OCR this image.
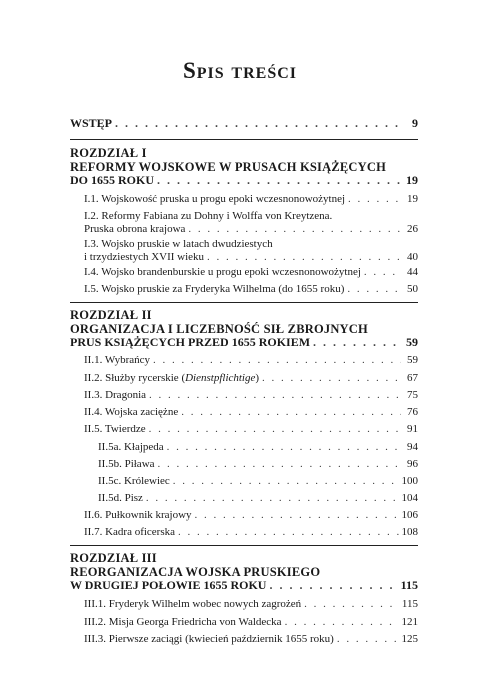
Spis treści
WSTĘP . . .	9
ROZDZIAŁ I
REFORMY WOJSKOWE W PRUSACH KSIĄŻĘCYCH
DO 1655 ROKU . . .	19
I.1. Wojskowość pruska u progu epoki wczesnonowożytnej . . .	19
I.2. Reformy Fabiana zu Dohny i Wolffa von Kreytzena.
Pruska obrona krajowa . . .	26
I.3. Wojsko pruskie w latach dwudziestych
i trzydziestych XVII wieku . . .	40
I.4. Wojsko brandenburskie u progu epoki wczesnonowożytnej . . .	44
I.5. Wojsko pruskie za Fryderyka Wilhelma (do 1655 roku) . . .	50
ROZDZIAŁ II
ORGANIZACJA I LICZEBNOŚĆ SIŁ ZBROJNYCH
PRUS KSIĄŻĘCYCH PRZED 1655 ROKIEM . . .	59
II.1. Wybrańcy . . .	59
II.2. Służby rycerskie (Dienstpflichtige) . . .	67
II.3. Dragonia . . .	75
II.4. Wojska zaciężne . . .	76
II.5. Twierdze . . .	91
II.5a. Kłajpeda . . .	94
II.5b. Piława . . .	96
II.5c. Królewiec . . .	100
II.5d. Pisz . . .	104
II.6. Pułkownik krajowy . . .	106
II.7. Kadra oficerska . . .	108
ROZDZIAŁ III
REORGANIZACJA WOJSKA PRUSKIEGO
W DRUGIEJ POŁOWIE 1655 ROKU . . .	115
III.1. Fryderyk Wilhelm wobec nowych zagrożeń . . .	115
III.2. Misja Georga Friedricha von Waldecka . . .	121
III.3. Pierwsze zaciągi (kwiecień październik 1655 roku) . . .	125
